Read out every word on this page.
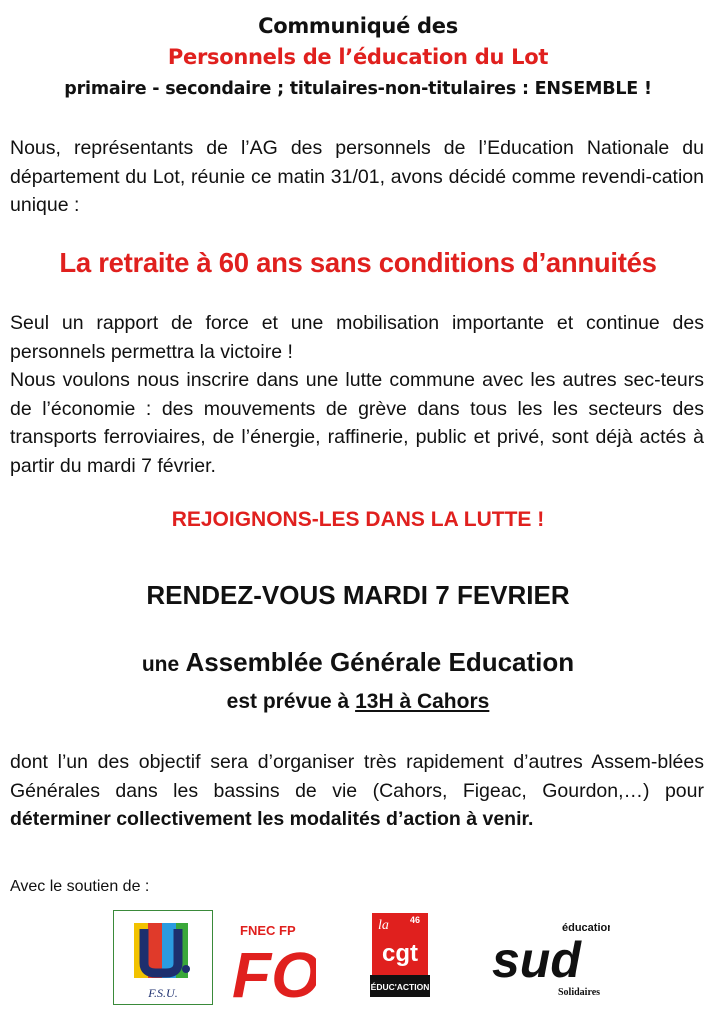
Communiqué des
Personnels de l’éducation du Lot
primaire - secondaire ; titulaires-non-titulaires : ENSEMBLE !
Nous, représentants de l’AG des personnels de l’Education Nationale du département du Lot, réunie ce matin 31/01, avons décidé comme revendi-cation unique :
La retraite à 60 ans sans conditions d’annuités
Seul un rapport de force et une mobilisation importante et continue des personnels permettra la victoire !
Nous voulons nous inscrire dans une lutte commune avec les autres sec-teurs de l’économie : des mouvements de grève dans tous les les secteurs des transports ferroviaires, de l’énergie, raffinerie, public et privé, sont déjà actés à partir du mardi 7 février.
REJOIGNONS-LES DANS LA LUTTE !
RENDEZ-VOUS MARDI 7 FEVRIER
une Assemblée Générale Education
est prévue à 13H à Cahors
dont l’un des objectif sera d’organiser très rapidement d’autres Assem-blées Générales dans les bassins de vie (Cahors, Figeac, Gourdon,…) pour déterminer collectivement les modalités d’action à venir.
Avec le soutien de :
F.S.U.
FNEC FP
FO
la 46
cgt
ÉDUC'ACTION
éducation
sud
Solidaires
